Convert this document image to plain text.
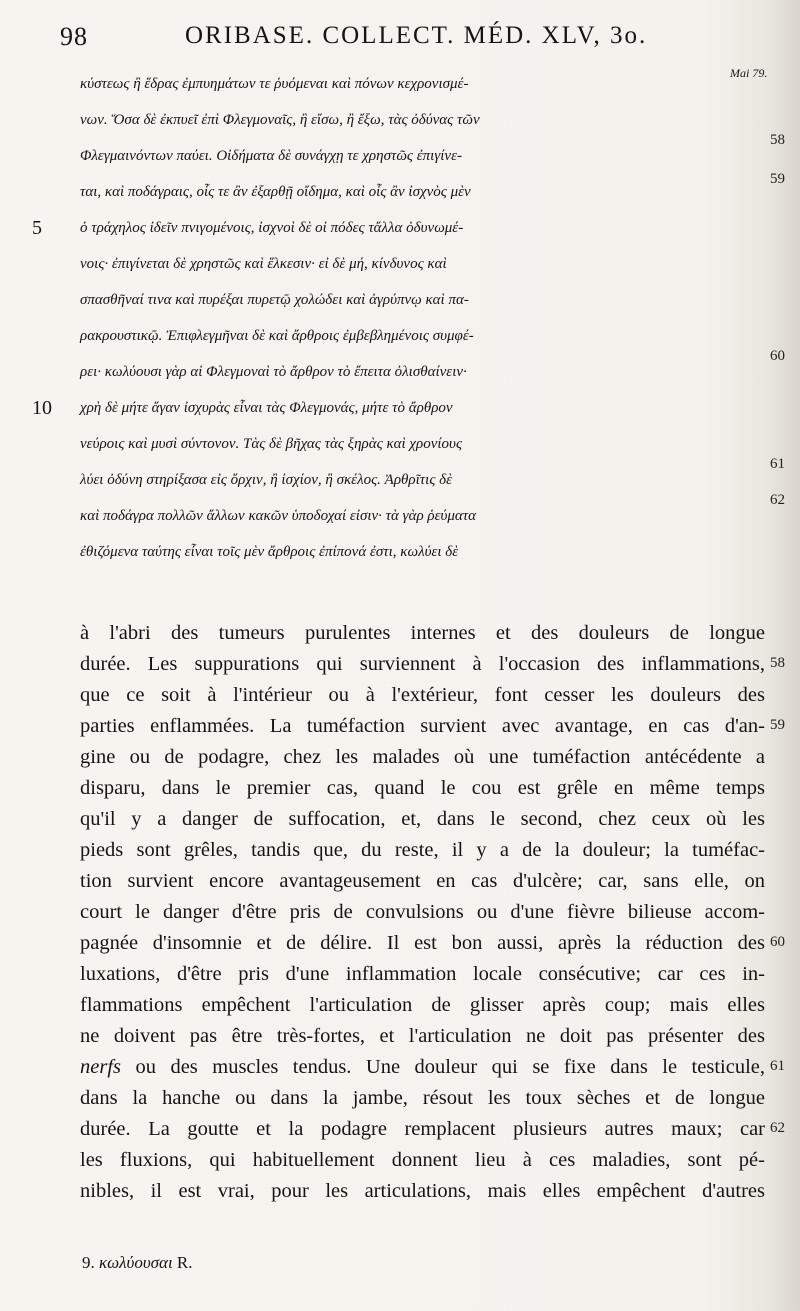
98	ORIBASE. COLLECT. MÉD. XLV, 3o.
Mai 79.
κύστεως ἢ ἕδρας ἐμπυημάτων τε ῥυόμεναι καὶ πόνων κεχρονισμέ-
νων. Ὅσα δὲ ἐκπυεῖ ἐπὶ Φλεγμοναῖς, ἢ εἴσω, ἢ ἔξω, τὰς ὀδύνας τῶν
Φλεγμαινόντων παύει. Οἰδήματα δὲ συνάγχῃ τε χρηστῶς ἐπιγίνε-
ται, καὶ ποδάγραις, οἷς τε ἂν ἐξαρθῇ οἴδημα, καὶ οἷς ἂν ἰσχνὸς μὲν
5	ὁ τράχηλος ἰδεῖν πνιγομένοις, ἰσχνοὶ δὲ οἱ πόδες τἄλλα ὀδυνωμέ-
νοις· ἐπιγίνεται δὲ χρηστῶς καὶ ἕλκεσιν· εἰ δὲ μή, κίνδυνος καὶ
σπασθῆναί τινα καὶ πυρέξαι πυρετῷ χολώδει καὶ ἀγρύπνῳ καὶ πα-
ρακρουστικῷ. Ἐπιφλεγμῆναι δὲ καὶ ἄρθροις ἐμβεβλημένοις συμφέ-
ρει· κωλύουσι γὰρ αἱ Φλεγμοναὶ τὸ ἄρθρον τὸ ἔπειτα ὀλισθαίνειν·
10 χρὴ δὲ μήτε ἄγαν ἰσχυρὰς εἶναι τὰς Φλεγμονάς, μήτε τὸ ἄρθρον
νεύροις καὶ μυσὶ σύντονον. Τὰς δὲ βῆχας τὰς ξηρὰς καὶ χρονίους
λύει ὀδύνη στηρίξασα εἰς ὄρχιν, ἢ ἰσχίον, ἢ σκέλος. Ἀρθρῖτις δὲ
καὶ ποδάγρα πολλῶν ἄλλων κακῶν ὑποδοχαί εἰσιν· τὰ γὰρ ῥεύματα
ἐθιζόμενα ταύτης εἶναι τοῖς μὲν ἄρθροις ἐπίπονά ἐστι, κωλύει δὲ
58
59
60
61
62
à l'abri des tumeurs purulentes internes et des douleurs de longue
durée. Les suppurations qui surviennent à l'occasion des inflammations,
que ce soit à l'intérieur ou à l'extérieur, font cesser les douleurs des
parties enflammées. La tuméfaction survient avec avantage, en cas d'an-
gine ou de podagre, chez les malades où une tuméfaction antécédente a
disparu, dans le premier cas, quand le cou est grêle en même temps
qu'il y a danger de suffocation, et, dans le second, chez ceux où les
pieds sont grêles, tandis que, du reste, il y a de la douleur; la tuméfac-
tion survient encore avantageusement en cas d'ulcère; car, sans elle, on
court le danger d'être pris de convulsions ou d'une fièvre bilieuse accom-
pagnée d'insomnie et de délire. Il est bon aussi, après la réduction des
luxations, d'être pris d'une inflammation locale consécutive; car ces in-
flammations empêchent l'articulation de glisser après coup; mais elles
ne doivent pas être très-fortes, et l'articulation ne doit pas présenter des
nerfs ou des muscles tendus. Une douleur qui se fixe dans le testicule,
dans la hanche ou dans la jambe, résout les toux sèches et de longue
durée. La goutte et la podagre remplacent plusieurs autres maux; car
les fluxions, qui habituellement donnent lieu à ces maladies, sont pé-
nibles, il est vrai, pour les articulations, mais elles empêchent d'autres
58
59
60
61
62
9. κωλύουσαι R.
